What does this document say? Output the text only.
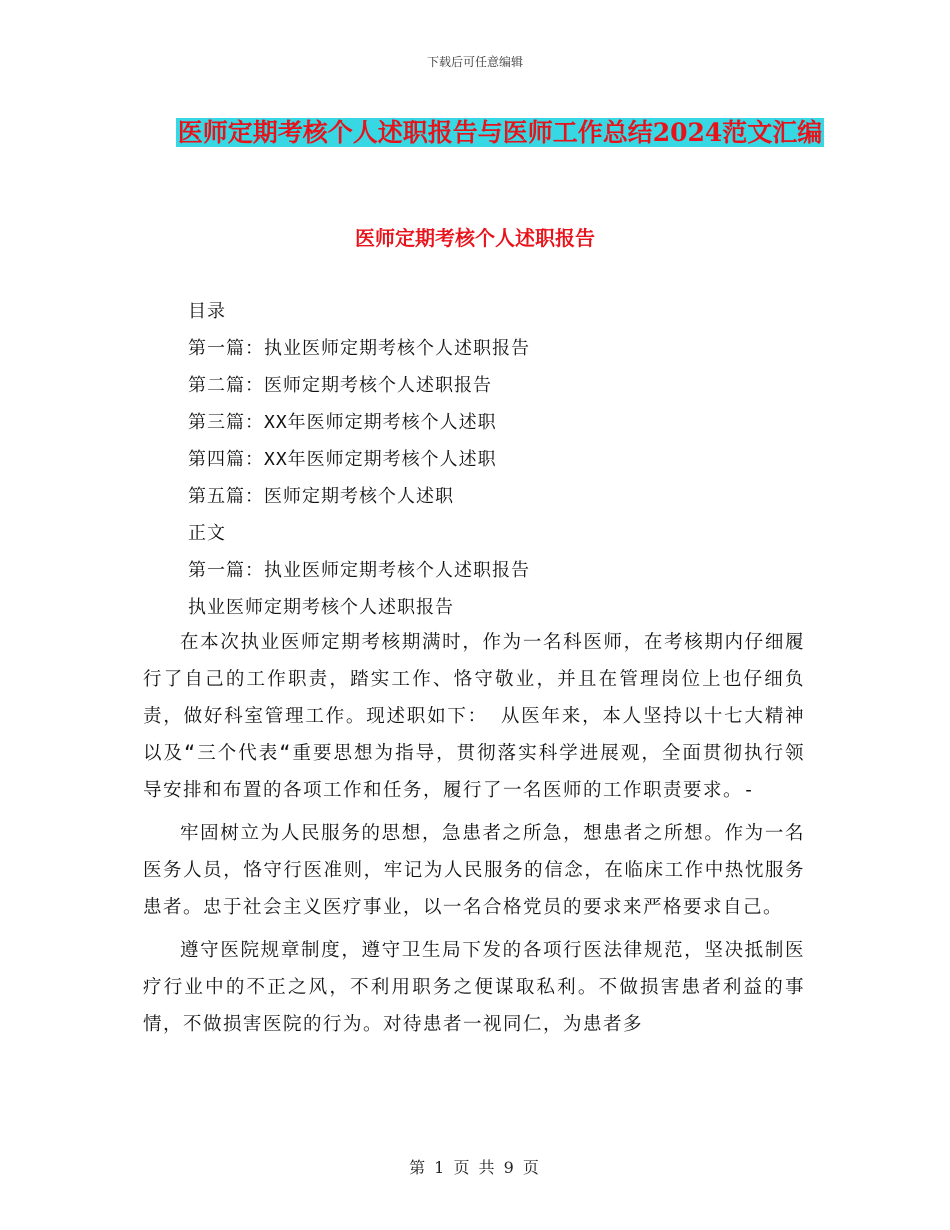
下载后可任意编辑
医师定期考核个人述职报告与医师工作总结2024范文汇编
医师定期考核个人述职报告
目录
第一篇：执业医师定期考核个人述职报告
第二篇：医师定期考核个人述职报告
第三篇：XX年医师定期考核个人述职
第四篇：XX年医师定期考核个人述职
第五篇：医师定期考核个人述职
正文
第一篇：执业医师定期考核个人述职报告
执业医师定期考核个人述职报告

在本次执业医师定期考核期满时，作为一名科医师，在考核期内仔细履行了自己的工作职责，踏实工作、恪守敬业，并且在管理岗位上也仔细负责，做好科室管理工作。现述职如下： 从医年来，本人坚持以十七大精神以及“三个代表“重要思想为指导，贯彻落实科学进展观，全面贯彻执行领导安排和布置的各项工作和任务，履行了一名医师的工作职责要求。-

牢固树立为人民服务的思想，急患者之所急，想患者之所想。作为一名医务人员，恪守行医准则，牢记为人民服务的信念，在临床工作中热忱服务患者。忠于社会主义医疗事业，以一名合格党员的要求来严格要求自己。

遵守医院规章制度，遵守卫生局下发的各项行医法律规范，坚决抵制医疗行业中的不正之风，不利用职务之便谋取私利。不做损害患者利益的事情，不做损害医院的行为。对待患者一视同仁，为患者多

第 1 页 共 9 页
